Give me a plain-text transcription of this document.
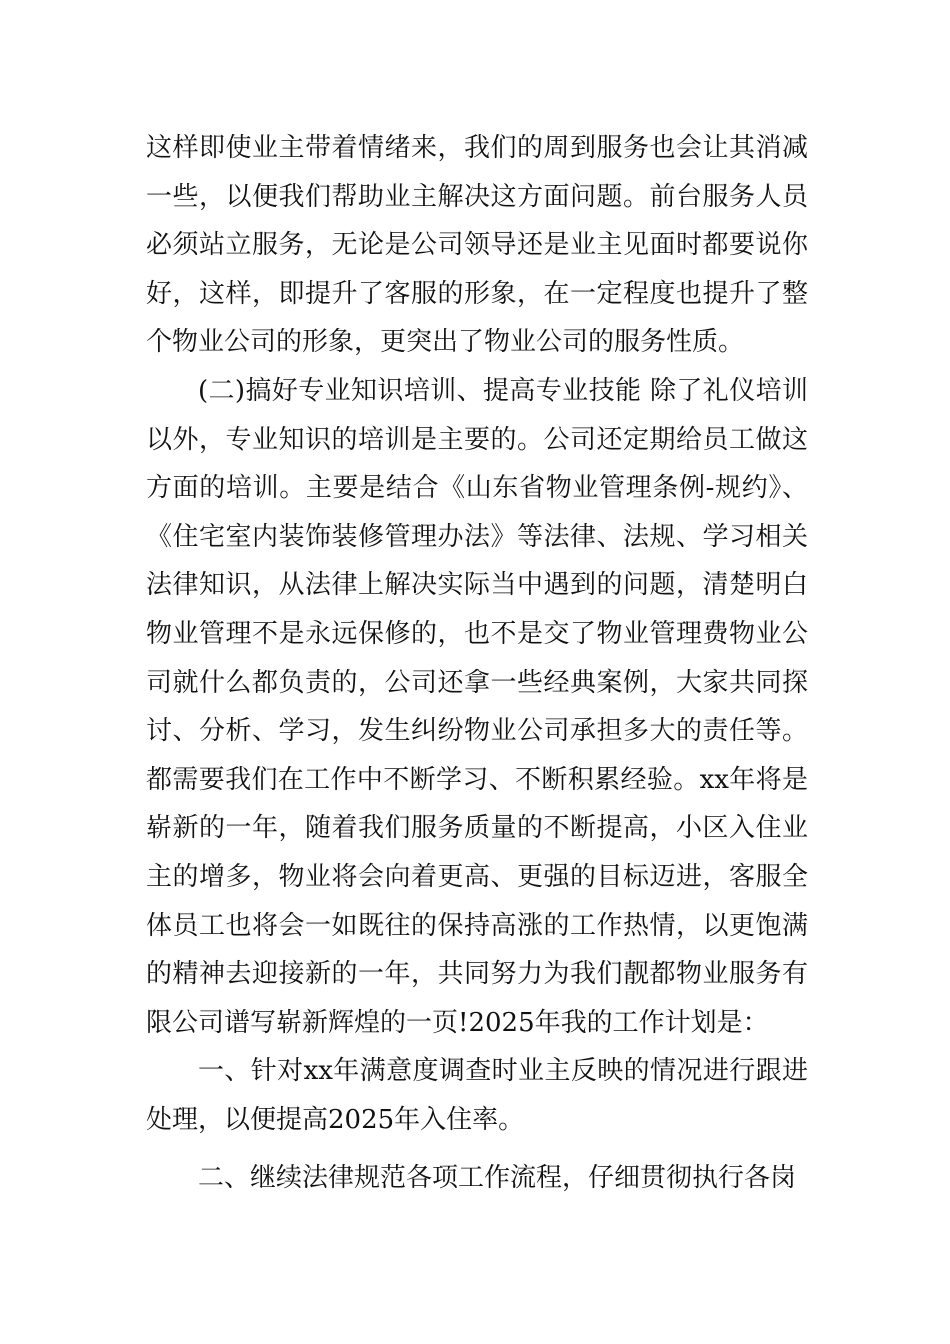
这样即使业主带着情绪来，我们的周到服务也会让其消减一些，以便我们帮助业主解决这方面问题。前台服务人员必须站立服务，无论是公司领导还是业主见面时都要说你好，这样，即提升了客服的形象，在一定程度也提升了整个物业公司的形象，更突出了物业公司的服务性质。

(二)搞好专业知识培训、提高专业技能 除了礼仪培训以外，专业知识的培训是主要的。公司还定期给员工做这方面的培训。主要是结合《山东省物业管理条例-规约》、《住宅室内装饰装修管理办法》等法律、法规、学习相关法律知识，从法律上解决实际当中遇到的问题，清楚明白物业管理不是永远保修的，也不是交了物业管理费物业公司就什么都负责的，公司还拿一些经典案例，大家共同探讨、分析、学习，发生纠纷物业公司承担多大的责任等。都需要我们在工作中不断学习、不断积累经验。xx年将是崭新的一年，随着我们服务质量的不断提高，小区入住业主的增多，物业将会向着更高、更强的目标迈进，客服全体员工也将会一如既往的保持高涨的工作热情，以更饱满的精神去迎接新的一年，共同努力为我们靓都物业服务有限公司谱写崭新辉煌的一页!2025年我的工作计划是：

一、针对xx年满意度调查时业主反映的情况进行跟进处理，以便提高2025年入住率。

二、继续法律规范各项工作流程，仔细贯彻执行各岗
